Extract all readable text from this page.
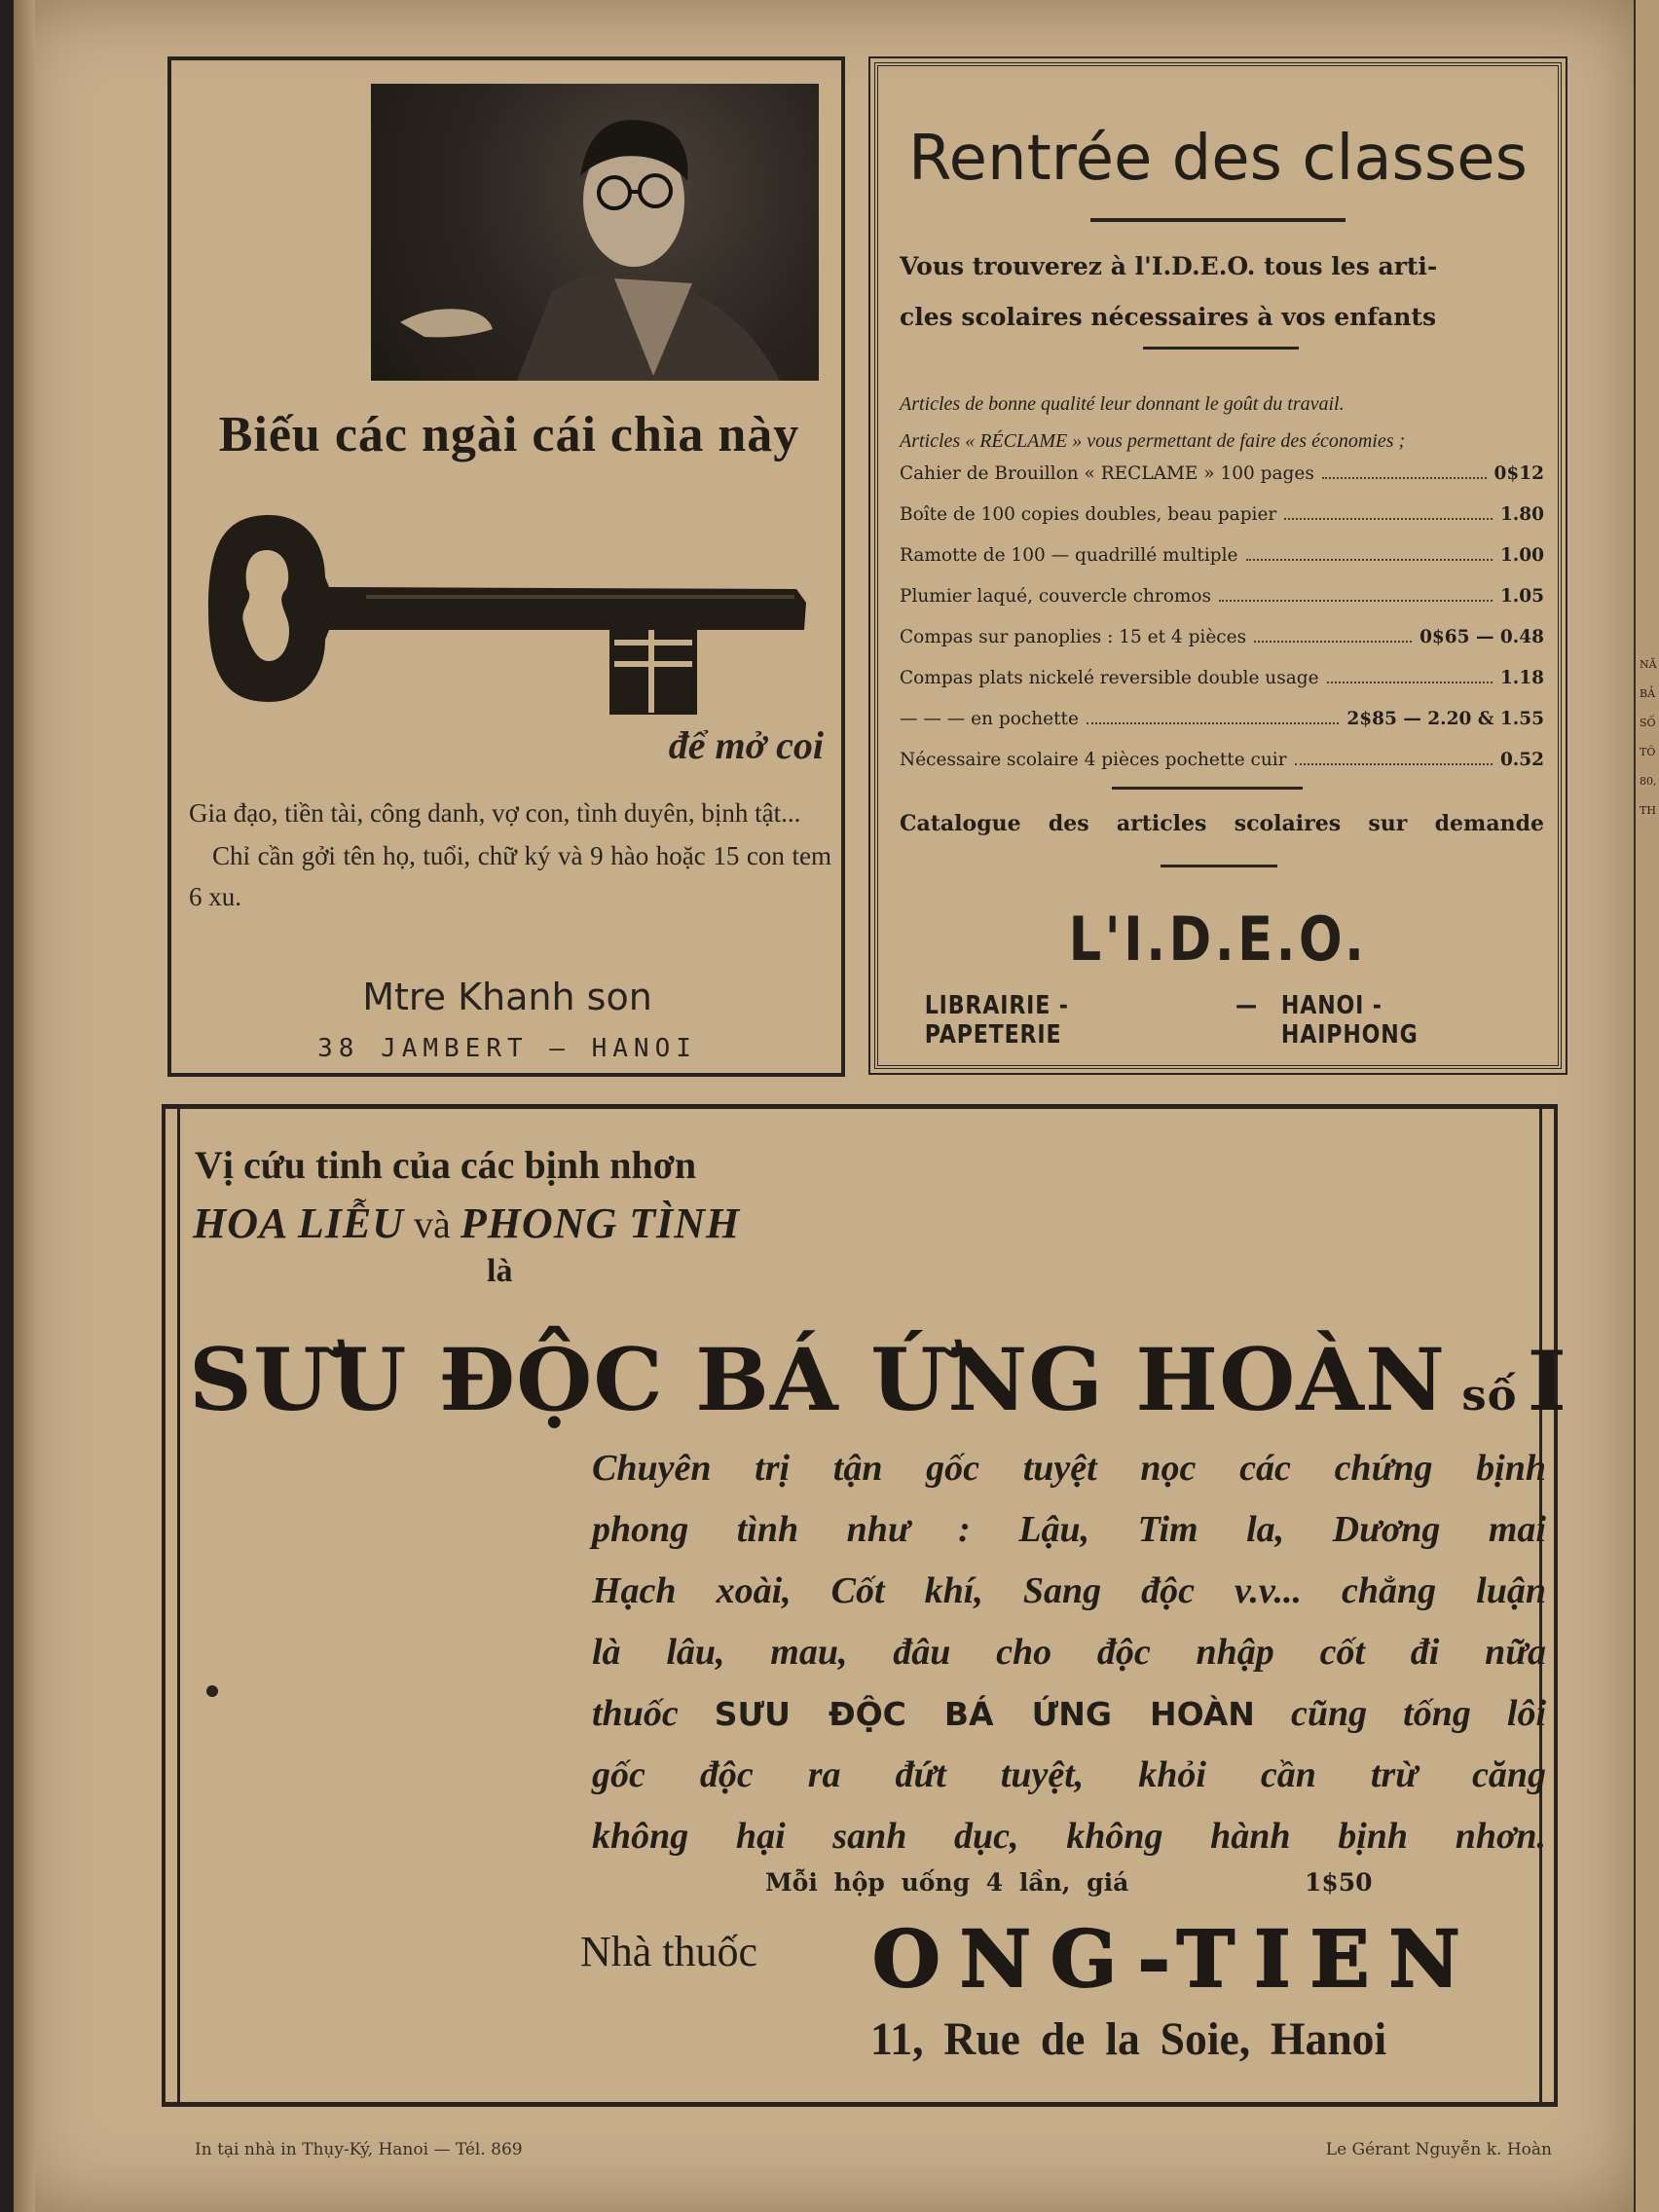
NĂ
BẢ
SỐ
TÔ
80,
TH
Biếu các ngài cái chìa này
để mở coi

Gia đạo, tiền tài, công danh, vợ con, tình duyên, bịnh tật...

Chỉ cần gởi tên họ, tuổi, chữ ký và 9 hào hoặc 15 con tem 6 xu.

Mtre Khanh son
38 JAMBERT – HANOI
Rentrée des classes

Vous trouverez à l'I.D.E.O. tous les arti-

cles scolaires nécessaires à vos enfants

Articles de bonne qualité leur donnant le goût du travail.

Articles « RÉCLAME » vous permettant de faire des économies ;

Cahier de Brouillon « RECLAME » 100 pages	0$12
Boîte de 100 copies doubles, beau papier	1.80
Ramotte de 100 — quadrillé multiple	1.00
Plumier laqué, couvercle chromos	1.05
Compas sur panoplies : 15 et 4 pièces	0$65 — 0.48
Compas plats nickelé reversible double usage	1.18
— — — en pochette	2$85 — 2.20 & 1.55
Nécessaire scolaire 4 pièces pochette cuir	0.52
Catalogue des articles scolaires sur demande
L'I.D.E.O.
LIBRAIRIE - PAPETERIE
— HANOI - HAIPHONG
Vị cứu tinh của các bịnh nhơn
HOA LIỄU và PHONG TÌNH
là
SƯU ĐỘC BÁ ỨNG HOÀN số I

Chuyên trị tận gốc tuyệt nọc các chứng bịnh

phong tình như : Lậu, Tim la, Dương mai

Hạch xoài, Cốt khí, Sang độc v.v... chẳng luận

là lâu, mau, đâu cho độc nhập cốt đi nữa

thuốc SƯU ĐỘC BÁ ỨNG HOÀN cũng tống lôi

gốc độc ra đứt tuyệt, khỏi cần trừ căng

không hại sanh dục, không hành bịnh nhơn.

Mỗi hộp uống 4 lần, giá	1$50
Nhà thuốc ONG-TIEN
11, Rue de la Soie, Hanoi
In tại nhà in Thụy-Ký, Hanoi — Tél. 869	Le Gérant Nguyễn k. Hoàn
